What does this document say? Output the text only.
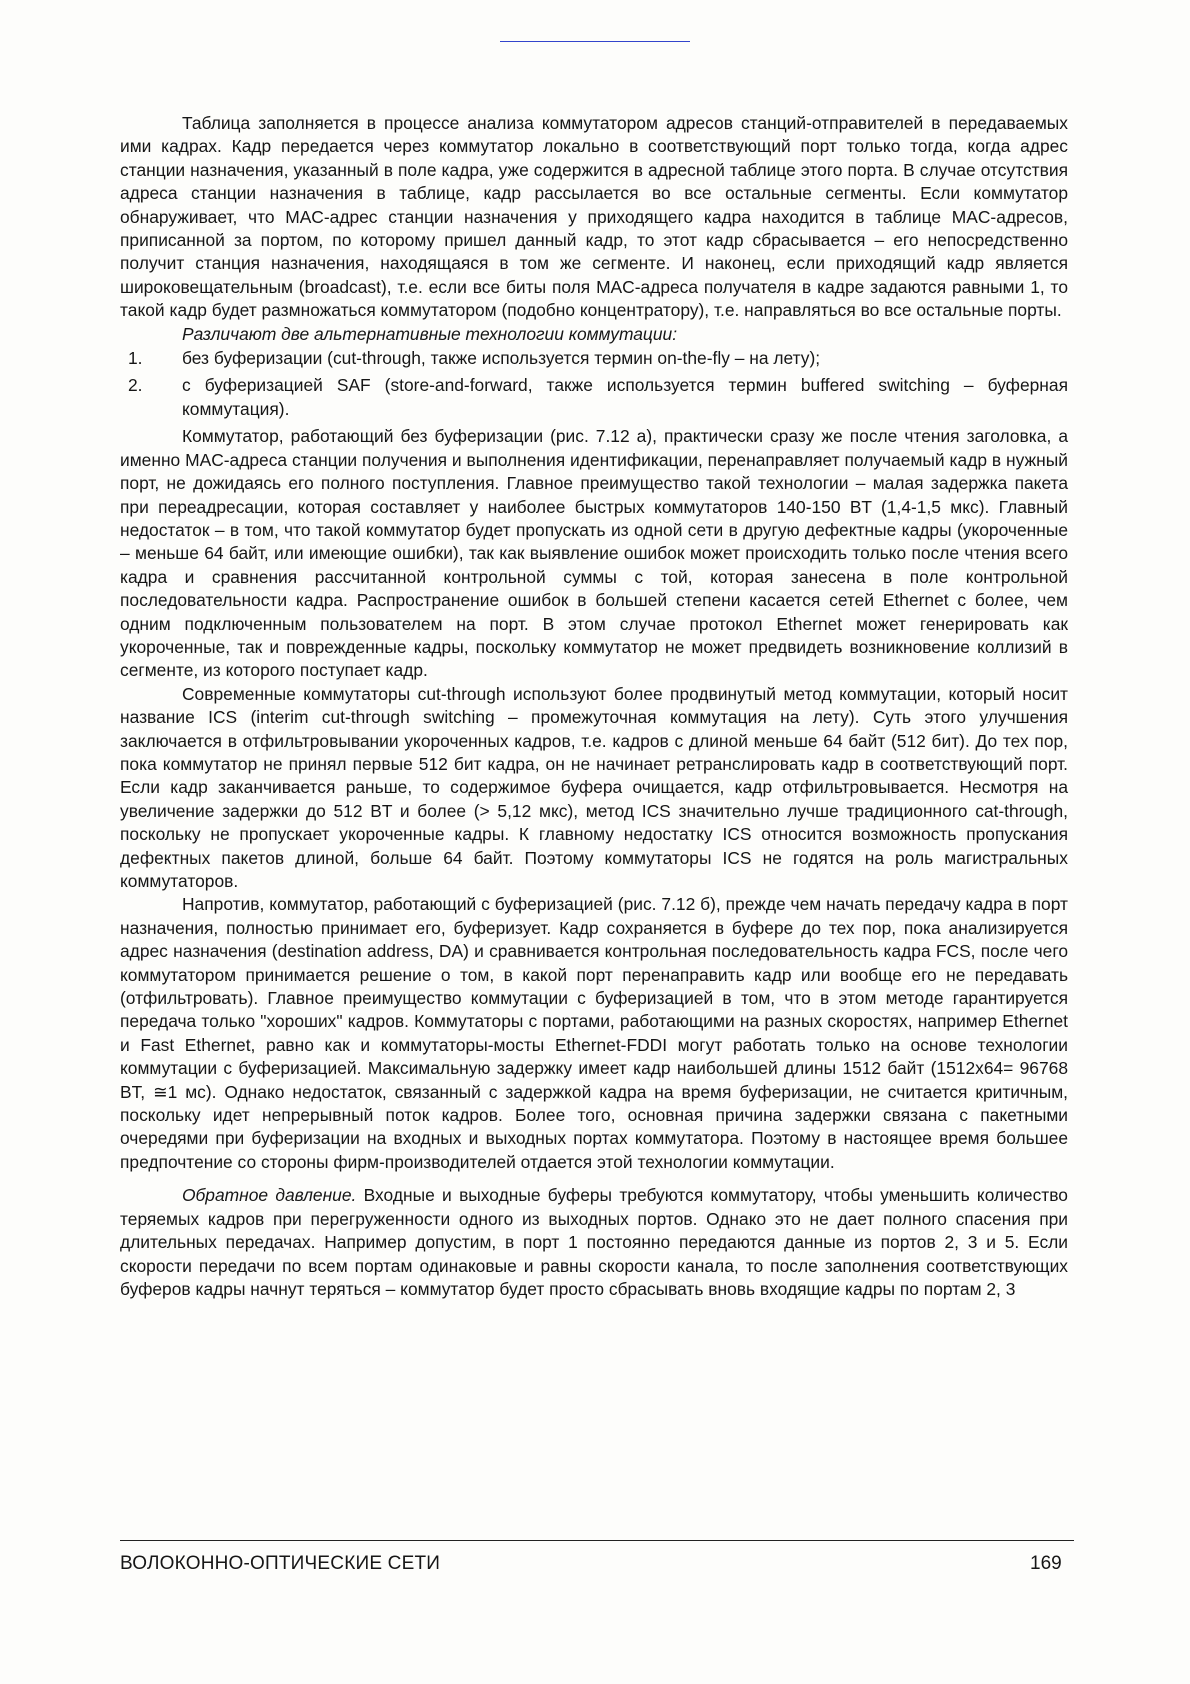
Таблица заполняется в процессе анализа коммутатором адресов станций-отправителей в передаваемых ими кадрах. Кадр передается через коммутатор локально в соответствующий порт только тогда, когда адрес станции назначения, указанный в поле кадра, уже содержится в адресной таблице этого порта. В случае отсутствия адреса станции назначения в таблице, кадр рассылается во все остальные сегменты. Если коммутатор обнаруживает, что MAC-адрес станции назначения у приходящего кадра находится в таблице MAC-адресов, приписанной за портом, по которому пришел данный кадр, то этот кадр сбрасывается – его непосредственно получит станция назначения, находящаяся в том же сегменте. И наконец, если приходящий кадр является широковещательным (broadcast), т.е. если все биты поля MAC-адреса получателя в кадре задаются равными 1, то такой кадр будет размножаться коммутатором (подобно концентратору), т.е. направляться во все остальные порты.

Различают две альтернативные технологии коммутации:

1.	без буферизации (cut-through, также используется термин on-the-fly – на лету);
2.	с буферизацией SAF (store-and-forward, также используется термин buffered switching – буферная коммутация).

Коммутатор, работающий без буферизации (рис. 7.12 а), практически сразу же после чтения заголовка, а именно MAC-адреса станции получения и выполнения идентификации, перенаправляет получаемый кадр в нужный порт, не дожидаясь его полного поступления. Главное преимущество такой технологии – малая задержка пакета при переадресации, которая составляет у наиболее быстрых коммутаторов 140-150 BT (1,4-1,5 мкс). Главный недостаток – в том, что такой коммутатор будет пропускать из одной сети в другую дефектные кадры (укороченные – меньше 64 байт, или имеющие ошибки), так как выявление ошибок может происходить только после чтения всего кадра и сравнения рассчитанной контрольной суммы с той, которая занесена в поле контрольной последовательности кадра. Распространение ошибок в большей степени касается сетей Ethernet с более, чем одним подключенным пользователем на порт. В этом случае протокол Ethernet может генерировать как укороченные, так и поврежденные кадры, поскольку коммутатор не может предвидеть возникновение коллизий в сегменте, из которого поступает кадр.

Современные коммутаторы cut-through используют более продвинутый метод коммутации, который носит название ICS (interim cut-through switching – промежуточная коммутация на лету). Суть этого улучшения заключается в отфильтровывании укороченных кадров, т.е. кадров с длиной меньше 64 байт (512 бит). До тех пор, пока коммутатор не принял первые 512 бит кадра, он не начинает ретранслировать кадр в соответствующий порт. Если кадр заканчивается раньше, то содержимое буфера очищается, кадр отфильтровывается. Несмотря на увеличение задержки до 512 BT и более (> 5,12 мкс), метод ICS значительно лучше традиционного cat-through, поскольку не пропускает укороченные кадры. К главному недостатку ICS относится возможность пропускания дефектных пакетов длиной, больше 64 байт. Поэтому коммутаторы ICS не годятся на роль магистральных коммутаторов.

Напротив, коммутатор, работающий с буферизацией (рис. 7.12 б), прежде чем начать передачу кадра в порт назначения, полностью принимает его, буферизует. Кадр сохраняется в буфере до тех пор, пока анализируется адрес назначения (destination address, DA) и сравнивается контрольная последовательность кадра FCS, после чего коммутатором принимается решение о том, в какой порт перенаправить кадр или вообще его не передавать (отфильтровать). Главное преимущество коммутации с буферизацией в том, что в этом методе гарантируется передача только "хороших" кадров. Коммутаторы с портами, работающими на разных скоростях, например Ethernet и Fast Ethernet, равно как и коммутаторы-мосты Ethernet-FDDI могут работать только на основе технологии коммутации с буферизацией. Максимальную задержку имеет кадр наибольшей длины 1512 байт (1512x64= 96768 BT, ≅1 мс). Однако недостаток, связанный с задержкой кадра на время буферизации, не считается критичным, поскольку идет непрерывный поток кадров. Более того, основная причина задержки связана с пакетными очередями при буферизации на входных и выходных портах коммутатора. Поэтому в настоящее время большее предпочтение со стороны фирм-производителей отдается этой технологии коммутации.

Обратное давление. Входные и выходные буферы требуются коммутатору, чтобы уменьшить количество теряемых кадров при перегруженности одного из выходных портов. Однако это не дает полного спасения при длительных передачах. Например допустим, в порт 1 постоянно передаются данные из портов 2, 3 и 5. Если скорости передачи по всем портам одинаковые и равны скорости канала, то после заполнения соответствующих буферов кадры начнут теряться – коммутатор будет просто сбрасывать вновь входящие кадры по портам 2, 3

ВОЛОКОННО-ОПТИЧЕСКИЕ СЕТИ	169
